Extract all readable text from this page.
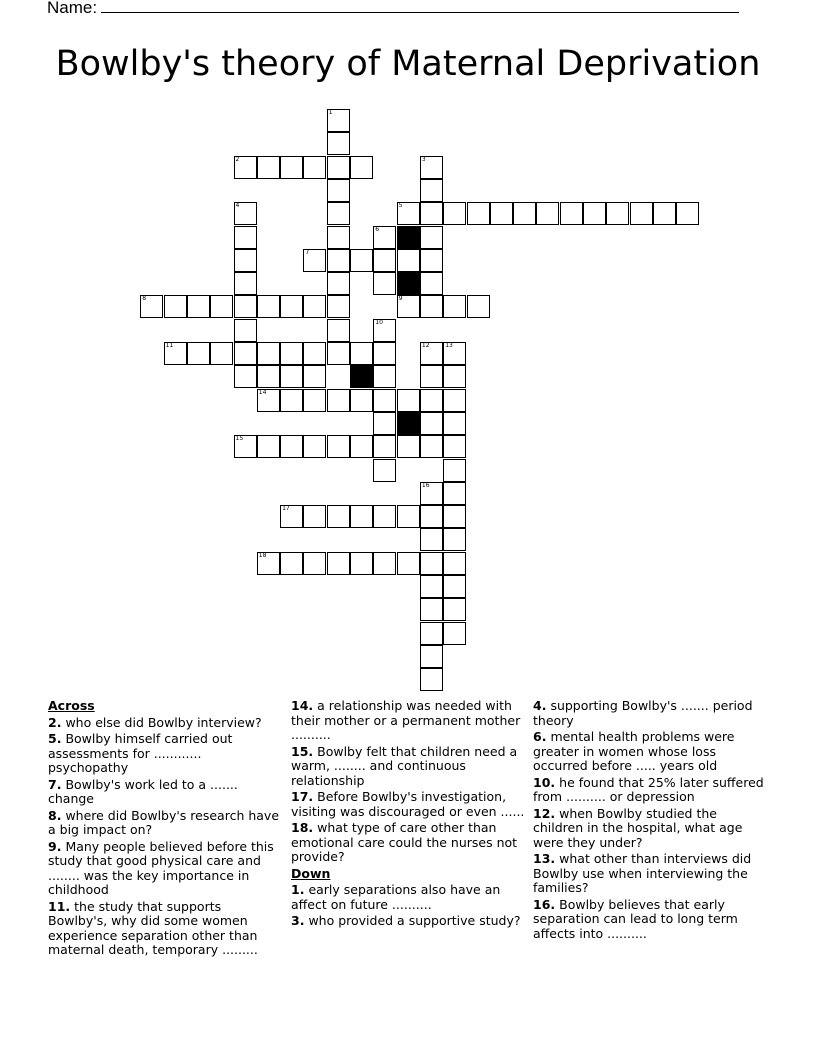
Name:
Bowlby's theory of Maternal Deprivation
1
2	3
4	5
6
7
8	9
10
11	12	13
14
15
16
17
18
Across
2. who else did Bowlby interview?
5. Bowlby himself carried out assessments for ............ psychopathy
7. Bowlby's work led to a ....... change
8. where did Bowlby's research have a big impact on?
9. Many people believed before this study that good physical care and ........ was the key importance in childhood
11. the study that supports Bowlby's, why did some women experience separation other than maternal death, temporary .........
14. a relationship was needed with their mother or a permanent mother ..........
15. Bowlby felt that children need a warm, ........ and continuous relationship
17. Before Bowlby's investigation, visiting was discouraged or even ......
18. what type of care other than emotional care could the nurses not provide?
Down
1. early separations also have an affect on future ..........
3. who provided a supportive study?
4. supporting Bowlby's ....... period theory
6. mental health problems were greater in women whose loss occurred before ..... years old
10. he found that 25% later suffered from .......... or depression
12. when Bowlby studied the children in the hospital, what age were they under?
13. what other than interviews did Bowlby use when interviewing the families?
16. Bowlby believes that early separation can lead to long term affects into ..........
